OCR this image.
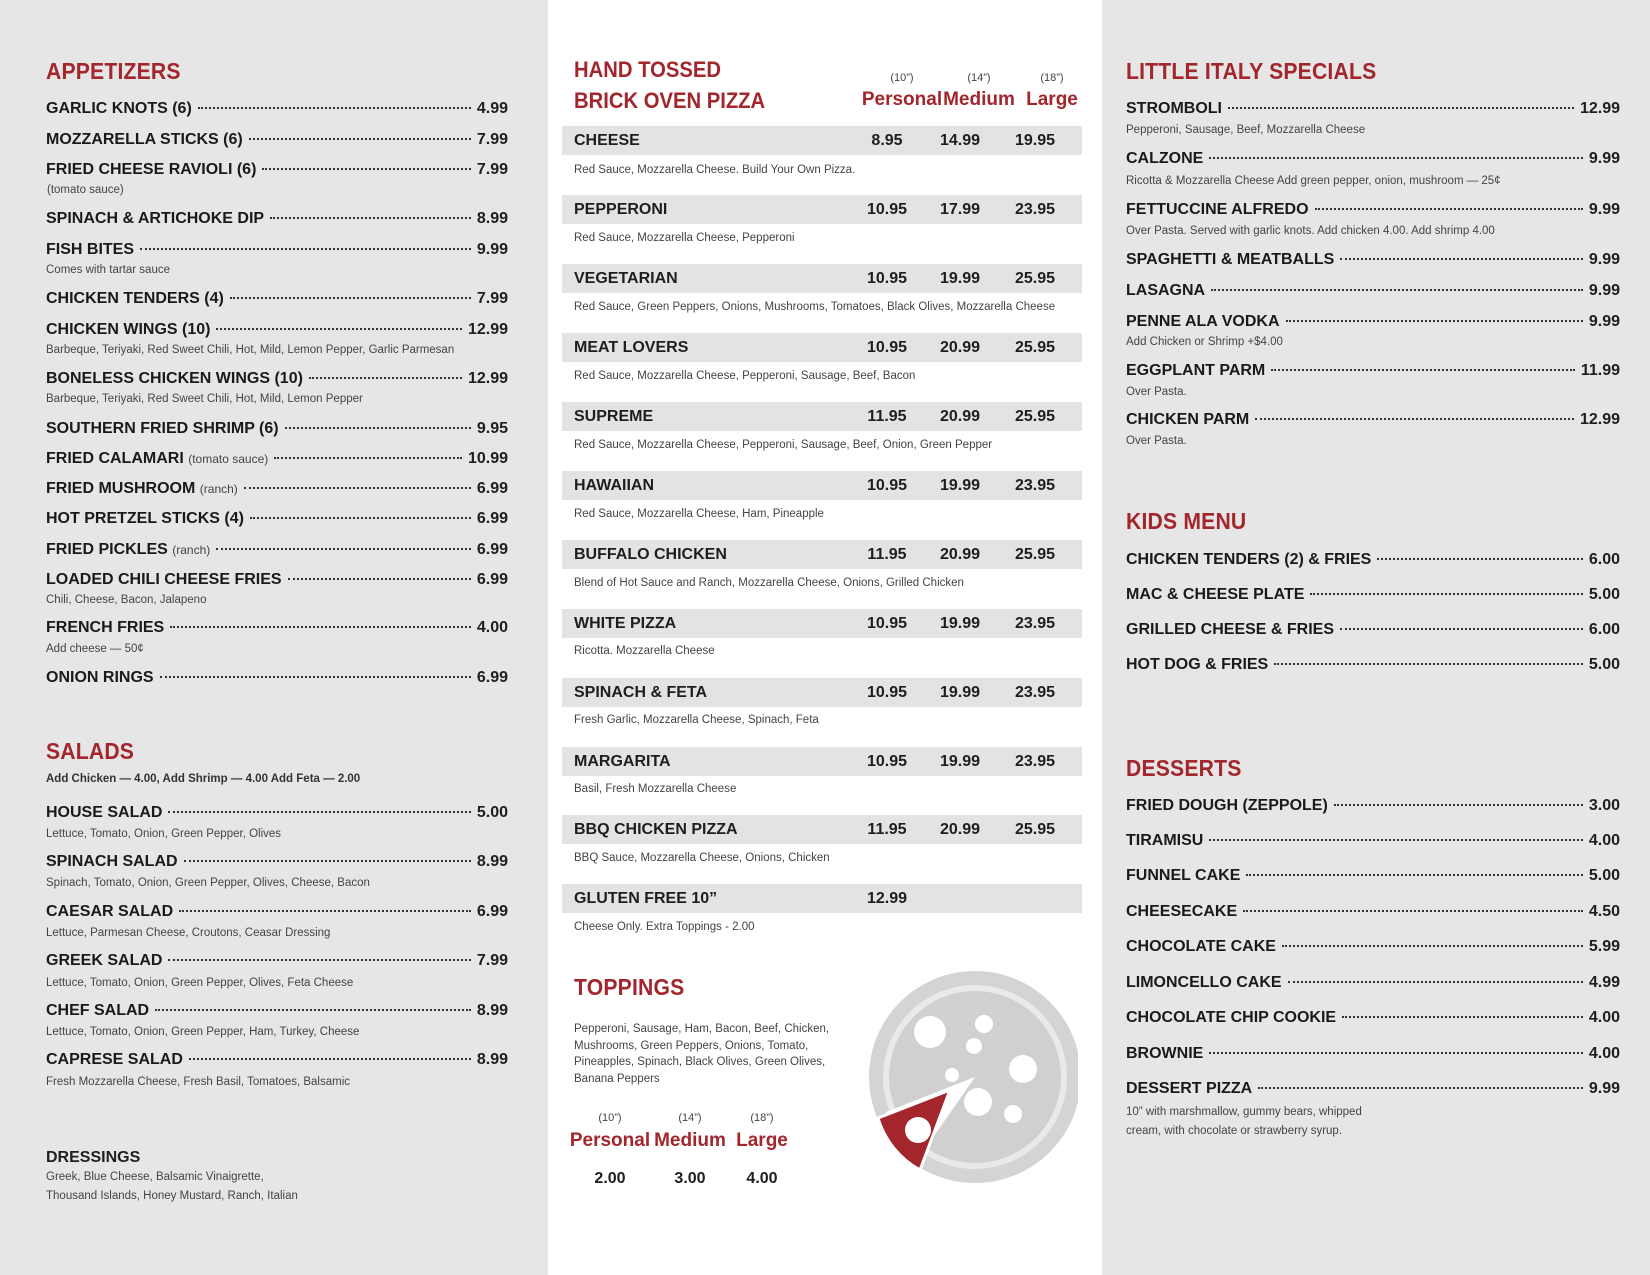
APPETIZERS
GARLIC KNOTS (6)	4.99
MOZZARELLA STICKS (6)	7.99
FRIED CHEESE RAVIOLI (6)	7.99
(tomato sauce)
SPINACH & ARTICHOKE DIP	8.99
FISH BITES	9.99
Comes with tartar sauce
CHICKEN TENDERS (4)	7.99
CHICKEN WINGS (10)	12.99
Barbeque, Teriyaki, Red Sweet Chili, Hot, Mild, Lemon Pepper, Garlic Parmesan
BONELESS CHICKEN WINGS (10)	12.99
Barbeque, Teriyaki, Red Sweet Chili, Hot, Mild, Lemon Pepper
SOUTHERN FRIED SHRIMP (6)	9.95
FRIED CALAMARI (tomato sauce)	10.99
FRIED MUSHROOM (ranch)	6.99
HOT PRETZEL STICKS (4)	6.99
FRIED PICKLES (ranch)	6.99
LOADED CHILI CHEESE FRIES	6.99
Chili, Cheese, Bacon, Jalapeno
FRENCH FRIES	4.00
Add cheese — 50¢
ONION RINGS	6.99
SALADS
Add Chicken — 4.00, Add Shrimp — 4.00 Add Feta — 2.00
HOUSE SALAD	5.00
Lettuce, Tomato, Onion, Green Pepper, Olives
SPINACH SALAD	8.99
Spinach, Tomato, Onion, Green Pepper, Olives, Cheese, Bacon
CAESAR SALAD	6.99
Lettuce, Parmesan Cheese, Croutons, Ceasar Dressing
GREEK SALAD	7.99
Lettuce, Tomato, Onion, Green Pepper, Olives, Feta Cheese
CHEF SALAD	8.99
Lettuce, Tomato, Onion, Green Pepper, Ham, Turkey, Cheese
CAPRESE SALAD	8.99
Fresh Mozzarella Cheese, Fresh Basil, Tomatoes, Balsamic
DRESSINGS
Greek, Blue Cheese, Balsamic Vinaigrette,
Thousand Islands, Honey Mustard, Ranch, Italian
HAND TOSSED
BRICK OVEN PIZZA
(10”)	(14”)	(18”)
Personal Medium Large
CHEESE	8.95	14.99	19.95
Red Sauce, Mozzarella Cheese. Build Your Own Pizza.
PEPPERONI	10.95	17.99	23.95
Red Sauce, Mozzarella Cheese, Pepperoni
VEGETARIAN	10.95	19.99	25.95
Red Sauce, Green Peppers, Onions, Mushrooms, Tomatoes, Black Olives, Mozzarella Cheese
MEAT LOVERS	10.95	20.99	25.95
Red Sauce, Mozzarella Cheese, Pepperoni, Sausage, Beef, Bacon
SUPREME	11.95	20.99	25.95
Red Sauce, Mozzarella Cheese, Pepperoni, Sausage, Beef, Onion, Green Pepper
HAWAIIAN	10.95	19.99	23.95
Red Sauce, Mozzarella Cheese, Ham, Pineapple
BUFFALO CHICKEN	11.95	20.99	25.95
Blend of Hot Sauce and Ranch, Mozzarella Cheese, Onions, Grilled Chicken
WHITE PIZZA	10.95	19.99	23.95
Ricotta. Mozzarella Cheese
SPINACH & FETA	10.95	19.99	23.95
Fresh Garlic, Mozzarella Cheese, Spinach, Feta
MARGARITA	10.95	19.99	23.95
Basil, Fresh Mozzarella Cheese
BBQ CHICKEN PIZZA	11.95	20.99	25.95
BBQ Sauce, Mozzarella Cheese, Onions, Chicken
GLUTEN FREE 10”	12.99
Cheese Only. Extra Toppings - 2.00
TOPPINGS
Pepperoni, Sausage, Ham, Bacon, Beef, Chicken, Mushrooms, Green Peppers, Onions, Tomato, Pineapples, Spinach, Black Olives, Green Olives, Banana Peppers
(10”)	(14”)	(18”)
Personal Medium Large
2.00	3.00	4.00
LITTLE ITALY SPECIALS
STROMBOLI	12.99
Pepperoni, Sausage, Beef, Mozzarella Cheese
CALZONE	9.99
Ricotta & Mozzarella Cheese Add green pepper, onion, mushroom — 25¢
FETTUCCINE ALFREDO	9.99
Over Pasta. Served with garlic knots. Add chicken 4.00. Add shrimp 4.00
SPAGHETTI & MEATBALLS	9.99
LASAGNA	9.99
PENNE ALA VODKA	9.99
Add Chicken or Shrimp +$4.00
EGGPLANT PARM	11.99
Over Pasta.
CHICKEN PARM	12.99
Over Pasta.
KIDS MENU
CHICKEN TENDERS (2) & FRIES	6.00
MAC & CHEESE PLATE	5.00
GRILLED CHEESE & FRIES	6.00
HOT DOG & FRIES	5.00
DESSERTS
FRIED DOUGH (ZEPPOLE)	3.00
TIRAMISU	4.00
FUNNEL CAKE	5.00
CHEESECAKE	4.50
CHOCOLATE CAKE	5.99
LIMONCELLO CAKE	4.99
CHOCOLATE CHIP COOKIE	4.00
BROWNIE	4.00
DESSERT PIZZA	9.99
10” with marshmallow, gummy bears, whipped cream, with chocolate or strawberry syrup.
